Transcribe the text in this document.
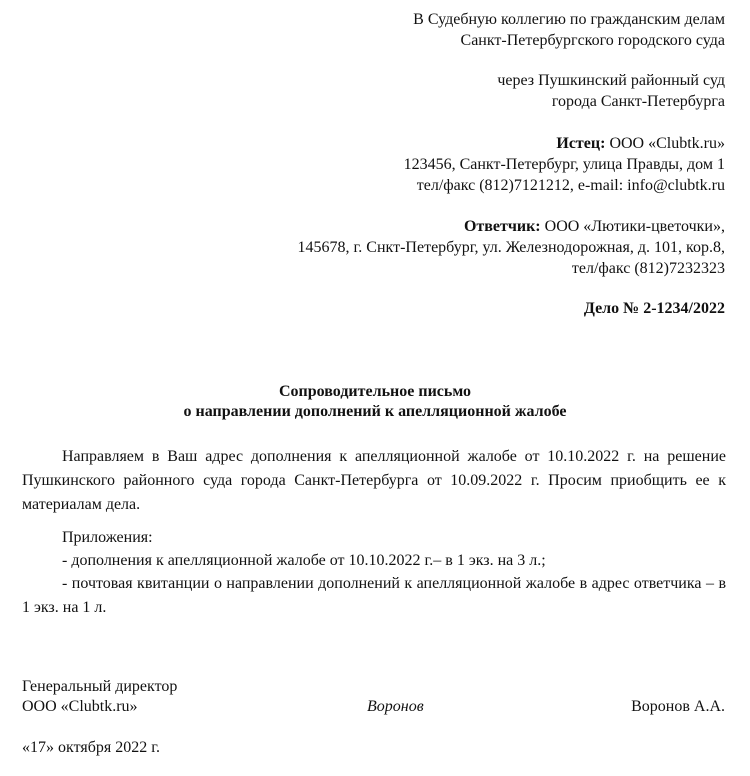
В Судебную коллегию по гражданским делам
Санкт-Петербургского городского суда
через Пушкинский районный суд
города Санкт-Петербурга
Истец: ООО «Clubtk.ru»
123456, Санкт-Петербург, улица Правды, дом 1
тел/факс (812)7121212, e-mail: info@clubtk.ru
Ответчик: ООО «Лютики-цветочки»,
145678, г. Снкт-Петербург, ул. Железнодорожная, д. 101, кор.8,
тел/факс (812)7232323
Дело № 2-1234/2022
Сопроводительное письмо
о направлении дополнений к апелляционной жалобе

Направляем в Ваш адрес дополнения к апелляционной жалобе от 10.10.2022 г. на решение Пушкинского районного суда города Санкт-Петербурга от 10.09.2022 г. Просим приобщить ее к материалам дела.

Приложения:
- дополнения к апелляционной жалобе от 10.10.2022 г.– в 1 экз. на 3 л.;

- почтовая квитанции о направлении дополнений к апелляционной жалобе в адрес ответчика – в 1 экз. на 1 л.

Генеральный директор
ООО «Clubtk.ru»	Воронов	Воронов А.А.
«17» октября 2022 г.
